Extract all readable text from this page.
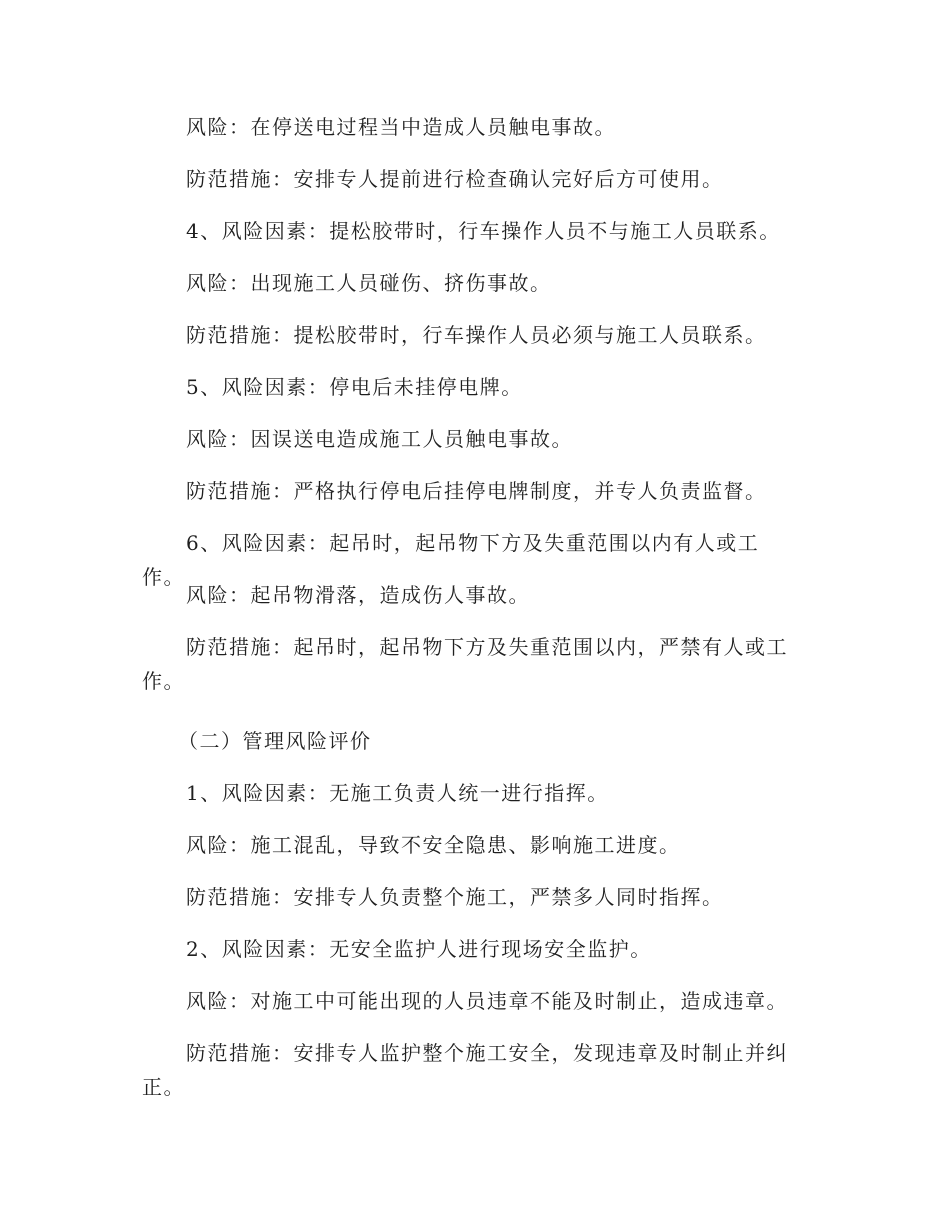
风险：在停送电过程当中造成人员触电事故。

防范措施：安排专人提前进行检查确认完好后方可使用。

4、风险因素：提松胶带时，行车操作人员不与施工人员联系。

风险：出现施工人员碰伤、挤伤事故。

防范措施：提松胶带时，行车操作人员必须与施工人员联系。

5、风险因素：停电后未挂停电牌。

风险：因误送电造成施工人员触电事故。

防范措施：严格执行停电后挂停电牌制度，并专人负责监督。

6、风险因素：起吊时，起吊物下方及失重范围以内有人或工作。

风险：起吊物滑落，造成伤人事故。

防范措施：起吊时，起吊物下方及失重范围以内，严禁有人或工作。

（二）管理风险评价

1、风险因素：无施工负责人统一进行指挥。

风险：施工混乱，导致不安全隐患、影响施工进度。

防范措施：安排专人负责整个施工，严禁多人同时指挥。

2、风险因素：无安全监护人进行现场安全监护。

风险：对施工中可能出现的人员违章不能及时制止，造成违章。

防范措施：安排专人监护整个施工安全，发现违章及时制止并纠正。
